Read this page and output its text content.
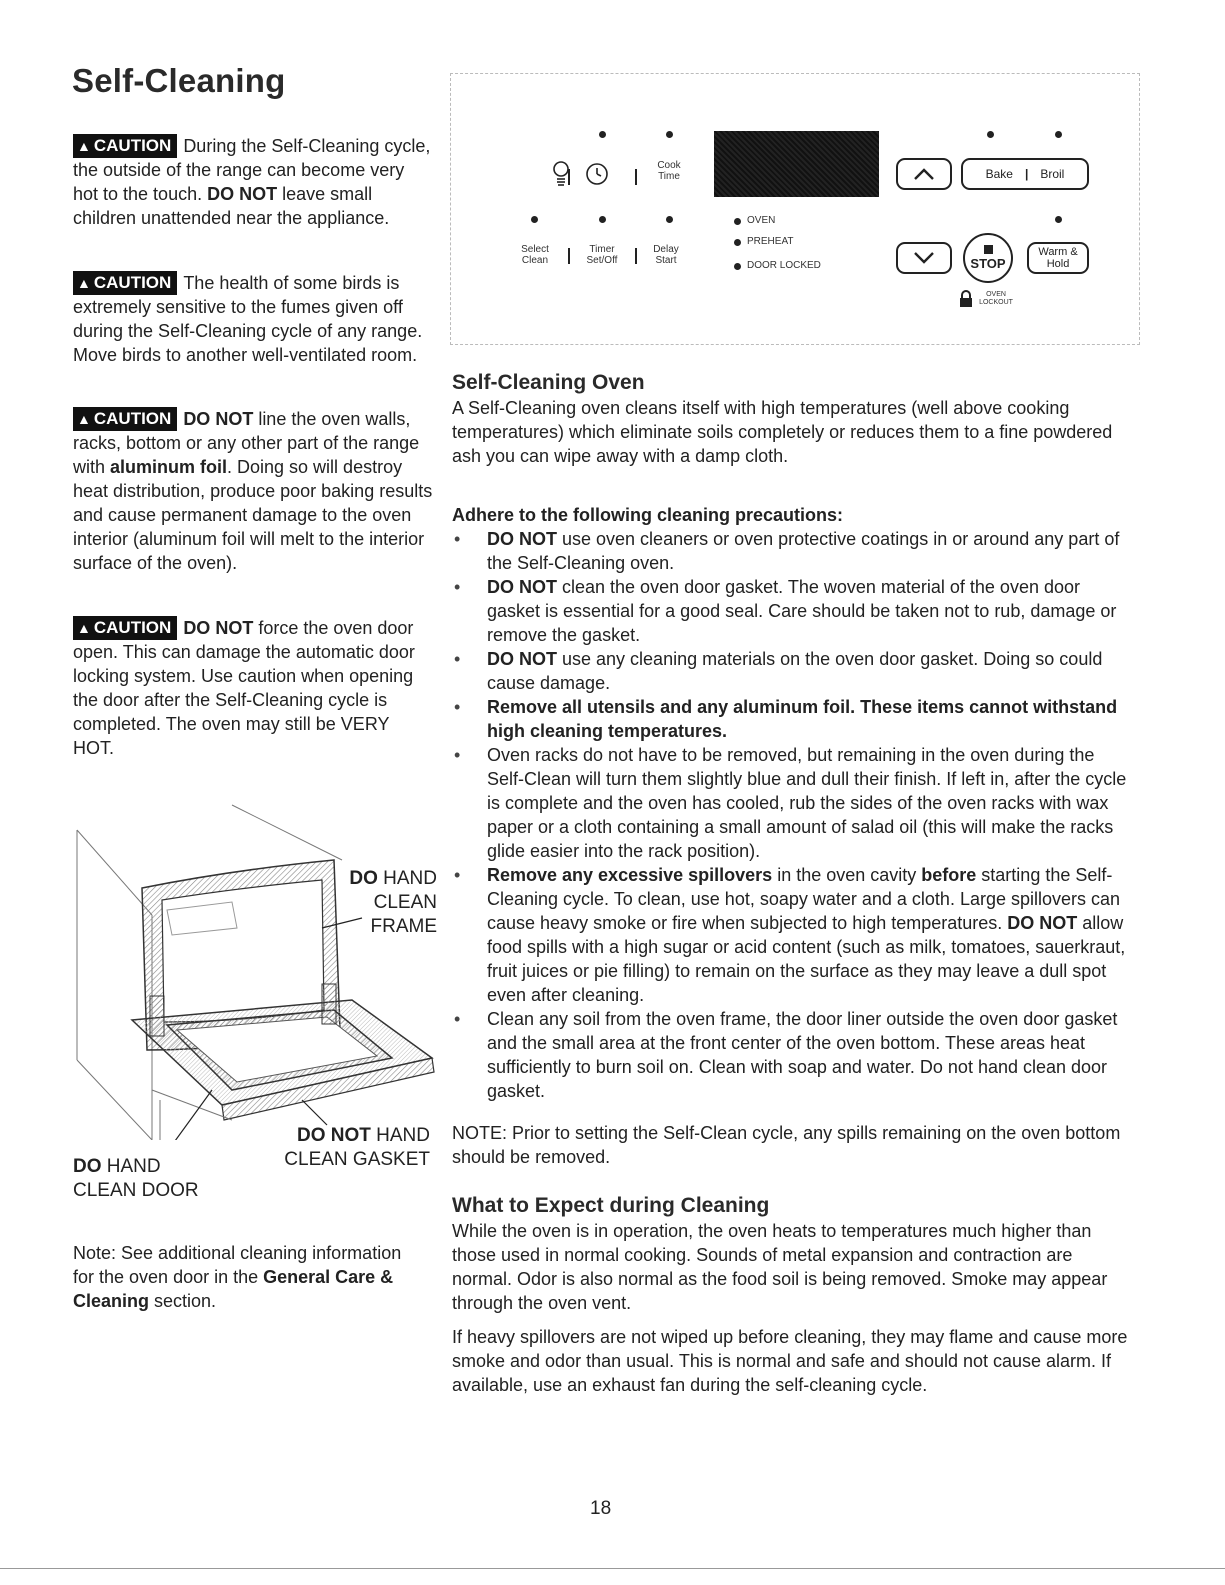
Self-Cleaning
▲ CAUTION During the Self-Cleaning cycle, the outside of the range can become very hot to the touch. DO NOT leave small children unattended near the appliance.
▲ CAUTION The health of some birds is extremely sensitive to the fumes given off during the Self-Cleaning cycle of any range. Move birds to another well-ventilated room.
▲ CAUTION DO NOT line the oven walls, racks, bottom or any other part of the range with aluminum foil. Doing so will destroy heat distribution, produce poor baking results and cause permanent damage to the oven interior (aluminum foil will melt to the interior surface of the oven).
▲ CAUTION DO NOT force the oven door open. This can damage the automatic door locking system. Use caution when opening the door after the Self-Cleaning cycle is completed. The oven may still be VERY HOT.
DO HAND
CLEAN
FRAME
DO NOT HAND
CLEAN GASKET
DO HAND
CLEAN DOOR
Note: See additional cleaning information for the oven door in the General Care & Cleaning section.
Cook
Time	Bake | Broil
Select
Clean
Timer
Set/Off
Delay
Start
OVEN
PREHEAT
DOOR LOCKED	STOP
Warm &
Hold
OVEN
LOCKOUT
Self-Cleaning Oven

A Self-Cleaning oven cleans itself with high temperatures (well above cooking temperatures) which eliminate soils completely or reduces them to a fine powdered ash you can wipe away with a damp cloth.

Adhere to the following cleaning precautions:

• DO NOT use oven cleaners or oven protective coatings in or around any part of the Self-Cleaning oven.
• DO NOT clean the oven door gasket. The woven material of the oven door gasket is essential for a good seal. Care should be taken not to rub, damage or remove the gasket.
• DO NOT use any cleaning materials on the oven door gasket. Doing so could cause damage.
• Remove all utensils and any aluminum foil. These items cannot withstand high cleaning temperatures.
• Oven racks do not have to be removed, but remaining in the oven during the Self-Clean will turn them slightly blue and dull their finish. If left in, after the cycle is complete and the oven has cooled, rub the sides of the oven racks with wax paper or a cloth containing a small amount of salad oil (this will make the racks glide easier into the rack position).
• Remove any excessive spillovers in the oven cavity before starting the Self-Cleaning cycle. To clean, use hot, soapy water and a cloth. Large spillovers can cause heavy smoke or fire when subjected to high temperatures. DO NOT allow food spills with a high sugar or acid content (such as milk, tomatoes, sauerkraut, fruit juices or pie filling) to remain on the surface as they may leave a dull spot even after cleaning.
• Clean any soil from the oven frame, the door liner outside the oven door gasket and the small area at the front center of the oven bottom. These areas heat sufficiently to burn soil on. Clean with soap and water. Do not hand clean door gasket.
NOTE: Prior to setting the Self-Clean cycle, any spills remaining on the oven bottom should be removed.
What to Expect during Cleaning

While the oven is in operation, the oven heats to temperatures much higher than those used in normal cooking. Sounds of metal expansion and contraction are normal. Odor is also normal as the food soil is being removed. Smoke may appear through the oven vent.

If heavy spillovers are not wiped up before cleaning, they may flame and cause more smoke and odor than usual. This is normal and safe and should not cause alarm. If available, use an exhaust fan during the self-cleaning cycle.

18
